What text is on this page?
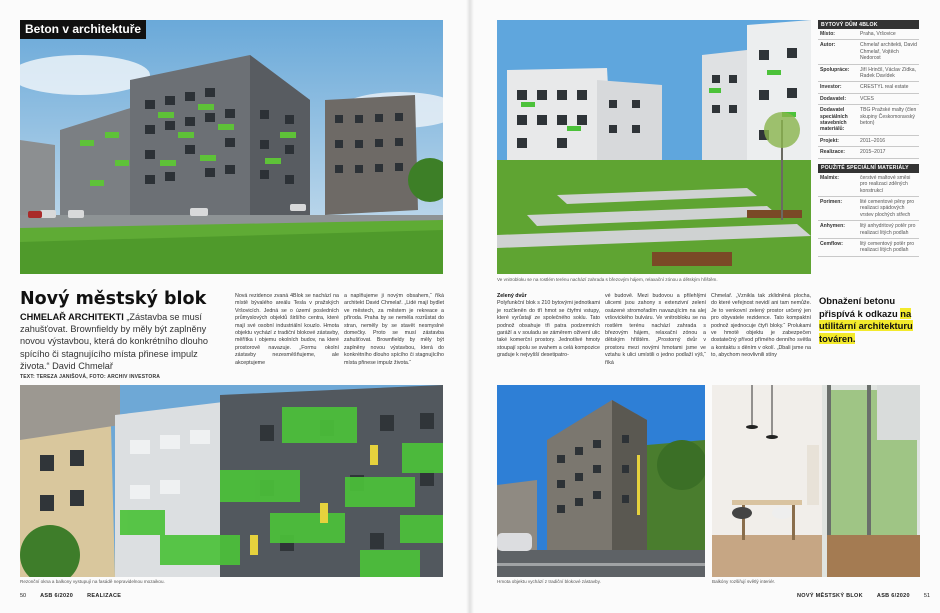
Beton v architektuře
Nový městský blok
CHMELAŘ ARCHITEKTI „Zástavba se musí zahušťovat. Brownfieldy by měly být zaplněny novou výstavbou, která do konkrétního dlouho spícího či stagnujícího místa přinese impulz života.“ David Chmelař
TEXT: TEREZA JANIŠOVÁ, FOTO: ARCHIV INVESTORA
Nová rezidence zvaná 4Blok se nachází na místě bývalého areálu Tesla v pražských Vršovicích. Jedná se o území posledních průmyslových objektů širšího centra, které mají své osobní industriální kouzlo. Hmota objektu vychází z tradiční blokové zástavby, měřítka i objemu okolních budov, na které prostorově navazuje. „Formu okolní zástavby nezesměšňujeme, ale akceptujeme
a naplňujeme ji novým obsahem,“ říká architekt David Chmelař. „Lidé mají bydlet ve městech, za městem je rekreace a příroda. Praha by se neměla rozrůstat do stran, neměly by se stavět nesmyslné domečky. Proto se musí zástavba zahušťovat. Brownfieldy by měly být zaplněny novou výstavbou, která do konkrétního dlouho spícího či stagnujícího místa přinese impulz života.“
Rezonční okna a balkony vystupují na fasádě nepravidelnou mozaikou.
50	ASB 6/2020	REALIZACE
Ve vnitrobloku se na rostlém terénu nachází zahrada s březovým hájem, relaxační zónou a dětským hřištěm.
BYTOVÝ DŮM 4BLOK
Místo:	Praha, Vršovice
Autor:	Chmelař architekti, David Chmelař, Vojtěch Nedorost
Spolupráce:	Jiří Hrinčil, Václav Zídka, Radek Davídek
Investor:	CRESTYL real estate
Dodavatel:	VCES
Dodavatel speciálních stavebních materiálů:
TBG Pražské malty (člen skupiny Českomoravský beton)
Projekt:	2011–2016
Realizace:	2015–2017
POUŽITÉ SPECIÁLNÍ MATERIÁLY
Malmix:	čerstvé maltové směsi pro realizaci zděných konstrukcí
Porimen:	lité cementové pěny pro realizaci spádových vrstev plochých střech
Anhymen:	litý anhydritový potěr pro realizaci litých podlah
Cemflow:	litý cementový potěr pro realizaci litých podlah
Zelený dvůr
Polyfunkční blok s 210 bytovými jednotkami je rozčleněn do tří hmot se čtyřmi vstupy, které vyrůstají ze společného soklu. Tato podnož obsahuje tři patra podzemních garáží a v souladu se záměrem oživení ulic také komerční prostory. Jednotlivé hmoty stoupají spolu se svahem a celá kompozice graduje k nejvyšší desetipatro-
vé budově. Mezi budovou a přilehlými ulicemi jsou zahony s extenzivní zelení osázené stromořadím navazujícím na alej vršovického bulváru. Ve vnitrobloku se na rostlém terénu nachází zahrada s březovým hájem, relaxační zónou a dětským hřištěm. „Prostorný dvůr v prostoru mezi novými hmotami jsme ve vztahu k ulici umístili o jedno podlaží výš,“ říká
Chmelař. „Vznikla tak zklidněná plocha, do které veřejnost nevidí ani tam nemůže. Je to venkovní zelený prostor určený jen pro obyvatele rezidence. Tato kompaktní podnož sjednocuje čtyři bloky.“ Prolukami ve hmotě objektu je zabezpečen dostatečný přívod přímého denního světla a kontaktu s děním v okolí. „Dbali jsme na to, abychom neovlivnili stíny
Obnažení betonu přispívá k odkazu na utilitární architekturu továren.
Hmota objektu vychází z tradiční blokové zástavby.	Balkóny rozšiřují světlý interiér.
NOVÝ MĚSTSKÝ BLOK	ASB 6/2020	51
